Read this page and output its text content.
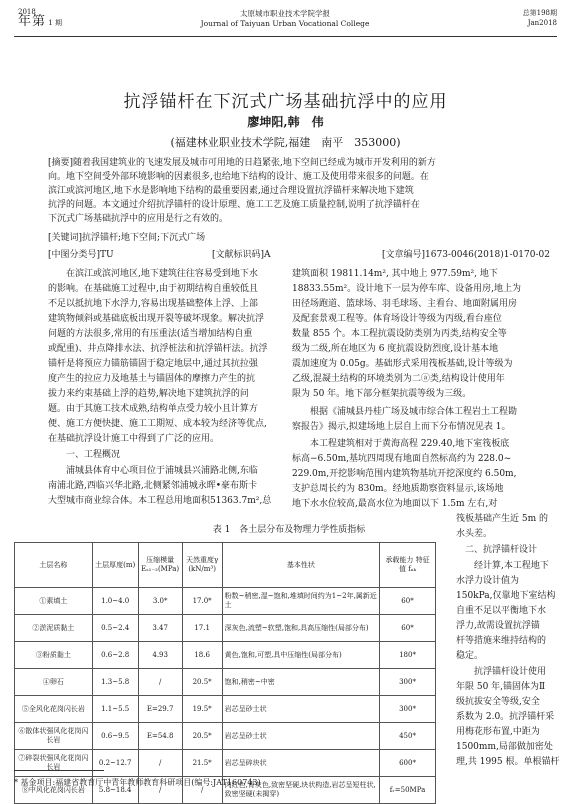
2018
年第 1 期
太原城市职业技术学院学报
Journal of Taiyuan Urban Vocational College
总第198期
Jan2018
抗浮锚杆在下沉式广场基础抗浮中的应用
廖坤阳,韩　伟
(福建林业职业技术学院,福建　南平　353000)
[摘要]随着我国建筑业的飞速发展及城市可用地的日趋紧张,地下空间已经成为城市开发利用的新方
向。地下空间受外部环境影响的因素很多,也给地下结构的设计、施工及使用带来很多的问题。在
滨江或滨河地区,地下水是影响地下结构的最重要因素,通过合理设置抗浮锚杆来解决地下建筑
抗浮的问题。本文通过介绍抗浮锚杆的设计原理、施工工艺及施工质量控制,说明了抗浮锚杆在
下沉式广场基础抗浮中的应用是行之有效的。
[关键词]抗浮锚杆;地下空间;下沉式广场
[中图分类号]TU	[文献标识码]A	[文章编号]1673-0046(2018)1-0170-02
　　在滨江或滨河地区,地下建筑往往容易受到地下水
的影响。在基础施工过程中,由于初期结构自重较低且
不足以抵抗地下水浮力,容易出现基础整体上浮、上部
建筑物倾斜或基础底板出现开裂等破坏现象。解决抗浮
问题的方法很多,常用的有压重法(适当增加结构自重
或配重)、井点降排水法、抗浮桩法和抗浮锚杆法。抗浮
锚杆是将预应力锚筋锚固于稳定地层中,通过其抗拉强
度产生的拉应力及地基土与锚固体的摩擦力产生的抗
拔力来约束基础上浮的趋势,解决地下建筑抗浮的问
题。由于其施工技术成熟,结构单点受力较小且计算方
便、施工方便快捷、施工工期短、成本较为经济等优点,
在基础抗浮设计施工中得到了广泛的应用。
　　一、工程概况
　　浦城县体育中心项目位于浦城县兴浦路北侧,东临
南浦北路,西临兴华北路,北侧紧邻浦城永晖•豪布斯卡
大型城市商业综合体。本工程总用地面积51363.7m²,总
建筑面积 19811.14m², 其中地上 977.59m², 地下
18833.55m²。设计地下一层为停车库、设备用房,地上为
田径场跑道、篮球场、羽毛球场、主看台、地面附属用房
及配套景观工程等。体育场设计等级为丙级,看台座位
数量 855 个。本工程抗震设防类别为丙类,结构安全等
级为二级,所在地区为 6 度抗震设防烈度,设计基本地
震加速度为 0.05g。基础形式采用筏板基础,设计等级为
乙级,混凝土结构的环境类别为二ⓐ类,结构设计使用年
限为 50 年。地下部分框架抗震等级为三级。
　　根据《浦城县丹桂广场及城市综合体工程岩土工程勘
察报告》揭示,拟建场地上层自上而下分布情况见表 1。
　　本工程建筑相对于黄海高程 229.40,地下室筏板底
标高−6.50m,基坑四周现有地面自然标高约为 228.0~
229.0m,开挖影响范围内建筑物基坑开挖深度约 6.50m,
支护总周长约为 830m。经地质勘察资料显示,该场地
地下水水位较高,最高水位为地面以下 1.5m 左右,对
筏板基础产生近 5m 的
水头差。
　二、抗浮锚杆设计
　　经计算,本工程地下
水浮力设计值为
150kPa,仅靠地下室结构
自重不足以平衡地下水
浮力,故需设置抗浮锚
杆等措施来维持结构的
稳定。
　　抗浮锚杆设计使用
年限 50 年,锚固体为Ⅱ
级抗拔安全等级,安全
系数为 2.0。抗浮锚杆采
用梅花形布置,中距为
1500mm,局部做加密处
理,共 1995 根。单根锚杆
表 1　各土层分布及物理力学性质指标
土层名称	土层厚度(m)	压缩模量 Eₛ₁₋₂(MPa)	天然重度γ (kN/m³)	基本性状	承载能力 特征值 fₐₖ
①素填土	1.0~4.0	3.0*	17.0*	粉数~稍密,湿~饱和,堆填时间约为1~2年,属新近土	60*
②淤泥质黏土	0.5~2.4	3.47	17.1	深灰色,流塑~软塑,饱和,具高压缩性(局部分布)	60*
③粉质黏土	0.6~2.8	4.93	18.6	黄色,饱和,可塑,具中压缩性(局部分布)	180*
④卵石	1.3~5.8	/	20.5*	饱和,稍密~中密	300*
⑤全风化花岗闪长岩	1.1~5.5	E=29.7	19.5*	岩芯呈砂土状	300*
⑥散体状强风化花岗闪长岩	0.6~9.5	E=54.8	20.5*	岩芯呈砂土状	450*
⑦碎裂状强风化花岗闪长岩	0.2~12.7	/	21.5*	岩芯呈碎块状	600*
⑧中风化花岗闪长岩	5.8~18.4	/	/	肉红色,青灰色,致密坚硬,块状构造,岩芯呈短柱状,致密坚硬(未揭穿)	fᵣ=50MPa
* 基金项目:福建省教育厅中青年教师教育科研项目(编号:JAT160743)
